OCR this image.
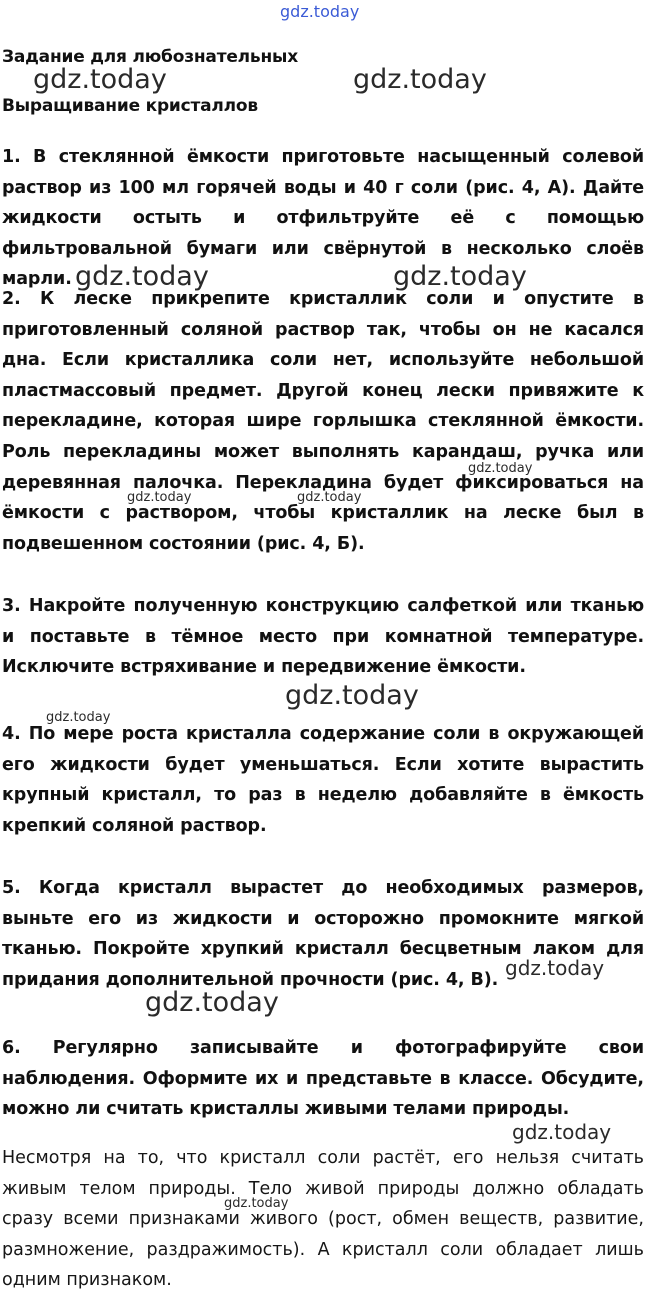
gdz.today
Задание для любознательных
Выращивание кристаллов
1. В стеклянной ёмкости приготовьте насыщенный солевой раствор из 100 мл горячей воды и 40 г соли (рис. 4, А). Дайте жидкости остыть и отфильтруйте её с помощью фильтровальной бумаги или свёрнутой в несколько слоёв марли.
2. К леске прикрепите кристаллик соли и опустите в приготовленный соляной раствор так, чтобы он не касался дна. Если кристаллика соли нет, используйте небольшой пластмассовый предмет. Другой конец лески привяжите к перекладине, которая шире горлышка стеклянной ёмкости. Роль перекладины может выполнять карандаш, ручка или деревянная палочка. Перекладина будет фиксироваться на ёмкости с раствором, чтобы кристаллик на леске был в подвешенном состоянии (рис. 4, Б).
3. Накройте полученную конструкцию салфеткой или тканью и поставьте в тёмное место при комнатной температуре. Исключите встряхивание и передвижение ёмкости.
4. По мере роста кристалла содержание соли в окружающей его жидкости будет уменьшаться. Если хотите вырастить крупный кристалл, то раз в неделю добавляйте в ёмкость крепкий соляной раствор.
5. Когда кристалл вырастет до необходимых размеров, выньте его из жидкости и осторожно промокните мягкой тканью. Покройте хрупкий кристалл бесцветным лаком для придания дополнительной прочности (рис. 4, В).
6. Регулярно записывайте и фотографируйте свои наблюдения. Оформите их и представьте в классе. Обсудите, можно ли считать кристаллы живыми телами природы.
Несмотря на то, что кристалл соли растёт, его нельзя считать живым телом природы. Тело живой природы должно обладать сразу всеми признаками живого (рост, обмен веществ, развитие, размножение, раздражимость). А кристалл соли обладает лишь одним признаком.
gdz.today	gdz.today
gdz.today	gdz.today
gdz.today
gdz.today	gdz.today
gdz.today
gdz.today
gdz.today
gdz.today
gdz.today
gdz.today
